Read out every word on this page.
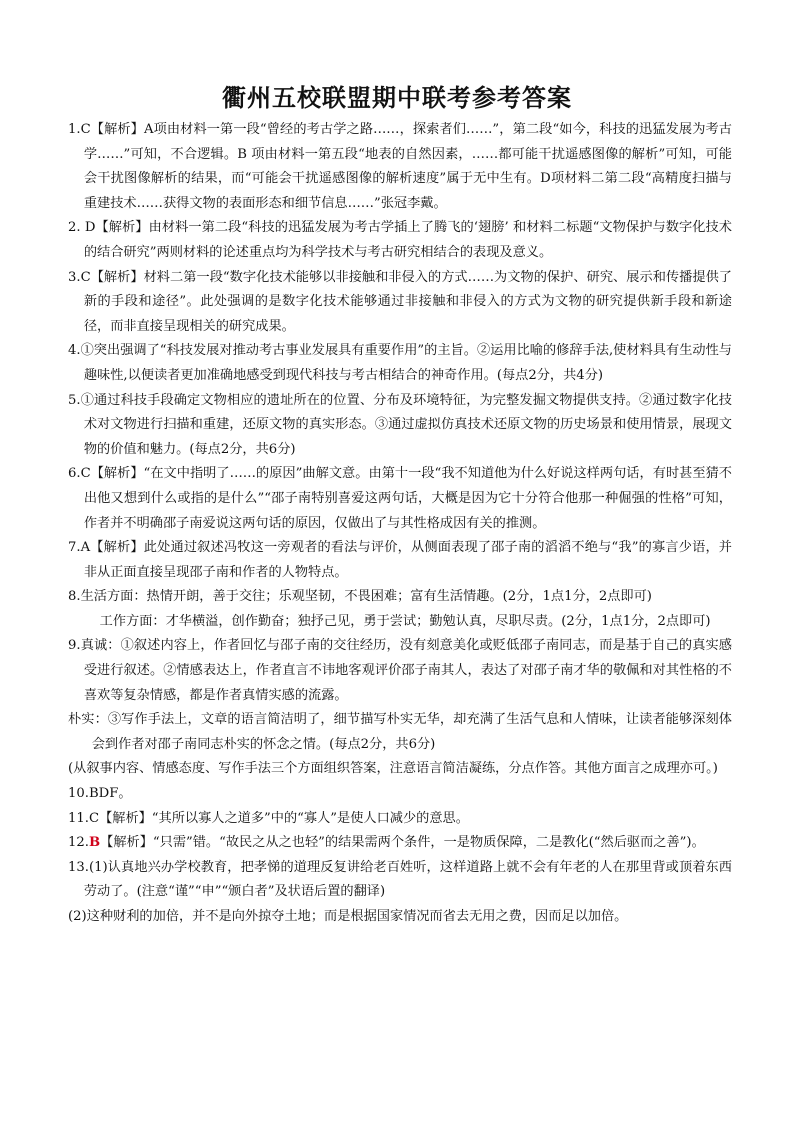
衢州五校联盟期中联考参考答案

1.C【解析】A项由材料一第一段“曾经的考古学之路……，探索者们……”，第二段“如今，科技的迅猛发展为考古学……”可知，不合逻辑。B 项由材料一第五段“地表的自然因素，……都可能干扰遥感图像的解析”可知，可能会干扰图像解析的结果，而“可能会干扰遥感图像的解析速度”属于无中生有。D项材料二第二段“高精度扫描与重建技术……获得文物的表面形态和细节信息……”张冠李戴。

2. D【解析】由材料一第二段“科技的迅猛发展为考古学插上了腾飞的‘翅膀’ 和材料二标题“文物保护与数字化技术的结合研究”两则材料的论述重点均为科学技术与考古研究相结合的表现及意义。

3.C【解析】材料二第一段“数字化技术能够以非接触和非侵入的方式……为文物的保护、研究、展示和传播提供了新的手段和途径”。此处强调的是数字化技术能够通过非接触和非侵入的方式为文物的研究提供新手段和新途径，而非直接呈现相关的研究成果。

4.①突出强调了“科技发展对推动考古事业发展具有重要作用”的主旨。②运用比喻的修辞手法,使材料具有生动性与趣味性,以便读者更加准确地感受到现代科技与考古相结合的神奇作用。(每点2分，共4分)

5.①通过科技手段确定文物相应的遗址所在的位置、分布及环境特征，为完整发掘文物提供支持。②通过数字化技术对文物进行扫描和重建，还原文物的真实形态。③通过虚拟仿真技术还原文物的历史场景和使用情景，展现文物的价值和魅力。(每点2分，共6分)

6.C【解析】“在文中指明了……的原因”曲解文意。由第十一段“我不知道他为什么好说这样两句话，有时甚至猜不出他又想到什么或指的是什么”“邵子南特别喜爱这两句话，大概是因为它十分符合他那一种倔强的性格”可知，作者并不明确邵子南爱说这两句话的原因，仅做出了与其性格成因有关的推测。

7.A【解析】此处通过叙述冯牧这一旁观者的看法与评价，从侧面表现了邵子南的滔滔不绝与“我”的寡言少语，并非从正面直接呈现邵子南和作者的人物特点。

8.生活方面：热情开朗，善于交往；乐观坚韧，不畏困难；富有生活情趣。(2分，1点1分，2点即可)

工作方面：才华横溢，创作勤奋；独抒己见，勇于尝试；勤勉认真，尽职尽责。(2分，1点1分，2点即可)

9.真诚：①叙述内容上，作者回忆与邵子南的交往经历，没有刻意美化或贬低邵子南同志，而是基于自己的真实感受进行叙述。②情感表达上，作者直言不讳地客观评价邵子南其人，表达了对邵子南才华的敬佩和对其性格的不喜欢等复杂情感，都是作者真情实感的流露。

朴实：③写作手法上，文章的语言简洁明了，细节描写朴实无华，却充满了生活气息和人情味，让读者能够深刻体会到作者对邵子南同志朴实的怀念之情。(每点2分，共6分)

(从叙事内容、情感态度、写作手法三个方面组织答案，注意语言简洁凝练，分点作答。其他方面言之成理亦可。)

10.BDF。

11.C【解析】“其所以寡人之道多”中的“寡人”是使人口减少的意思。

12.B【解析】“只需”错。“故民之从之也轻”的结果需两个条件，一是物质保障，二是教化(“然后驱而之善”)。

13.(1)认真地兴办学校教育，把孝悌的道理反复讲给老百姓听，这样道路上就不会有年老的人在那里背或顶着东西劳动了。(注意“谨”“申”“颁白者”及状语后置的翻译)

(2)这种财利的加倍，并不是向外掠夺土地；而是根据国家情况而省去无用之费，因而足以加倍。
